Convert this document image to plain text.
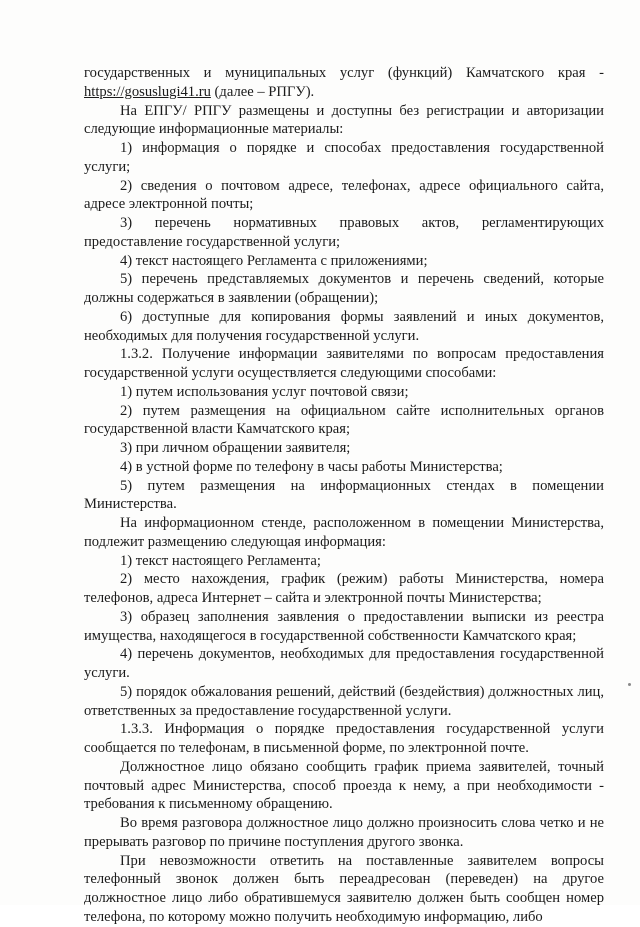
государственных и муниципальных услуг (функций) Камчатского края - https://gosuslugi41.ru (далее – РПГУ).

На ЕПГУ/ РПГУ размещены и доступны без регистрации и авторизации следующие информационные материалы:

1) информация о порядке и способах предоставления государственной услуги;

2) сведения о почтовом адресе, телефонах, адресе официального сайта, адресе электронной почты;

3) перечень нормативных правовых актов, регламентирующих предоставление государственной услуги;

4) текст настоящего Регламента с приложениями;

5) перечень представляемых документов и перечень сведений, которые должны содержаться в заявлении (обращении);

6) доступные для копирования формы заявлений и иных документов, необходимых для получения государственной услуги.

1.3.2. Получение информации заявителями по вопросам предоставления государственной услуги осуществляется следующими способами:

1) путем использования услуг почтовой связи;

2) путем размещения на официальном сайте исполнительных органов государственной власти Камчатского края;

3) при личном обращении заявителя;

4) в устной форме по телефону в часы работы Министерства;

5) путем размещения на информационных стендах в помещении Министерства.

На информационном стенде, расположенном в помещении Министерства, подлежит размещению следующая информация:

1) текст настоящего Регламента;

2) место нахождения, график (режим) работы Министерства, номера телефонов, адреса Интернет – сайта и электронной почты Министерства;

3) образец заполнения заявления о предоставлении выписки из реестра имущества, находящегося в государственной собственности Камчатского края;

4) перечень документов, необходимых для предоставления государственной услуги.

5) порядок обжалования решений, действий (бездействия) должностных лиц, ответственных за предоставление государственной услуги.

1.3.3. Информация о порядке предоставления государственной услуги сообщается по телефонам, в письменной форме, по электронной почте.

Должностное лицо обязано сообщить график приема заявителей, точный почтовый адрес Министерства, способ проезда к нему, а при необходимости - требования к письменному обращению.

Во время разговора должностное лицо должно произносить слова четко и не прерывать разговор по причине поступления другого звонка.

При невозможности ответить на поставленные заявителем вопросы телефонный звонок должен быть переадресован (переведен) на другое должностное лицо либо обратившемуся заявителю должен быть сообщен номер телефона, по которому можно получить необходимую информацию, либо
